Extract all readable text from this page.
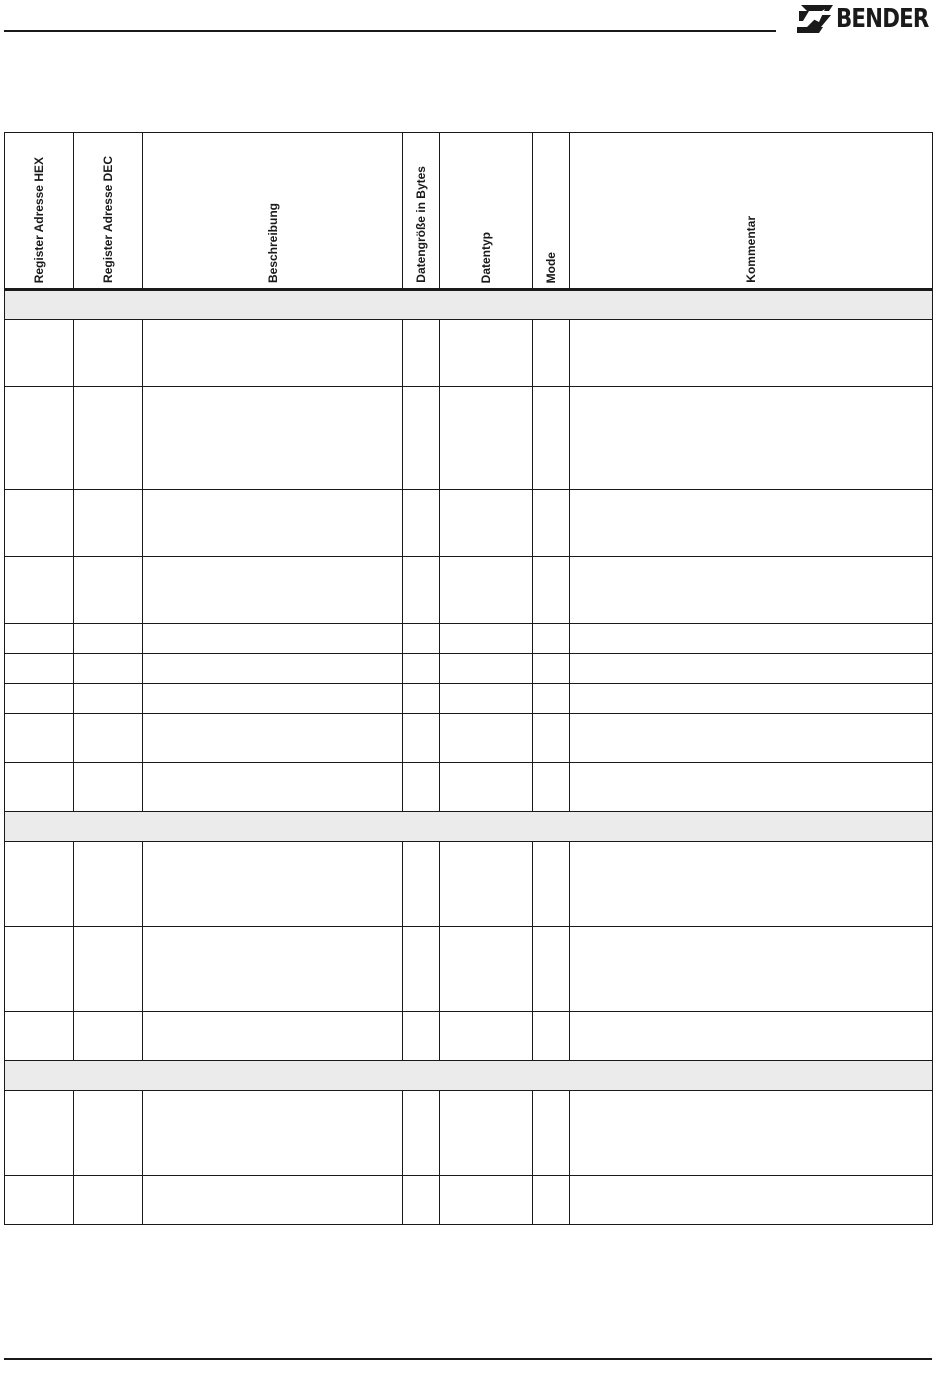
BENDER
Register Adresse HEX	Register Adresse DEC	Beschreibung	Datengröße in Bytes	Datentyp	Mode	Kommentar
